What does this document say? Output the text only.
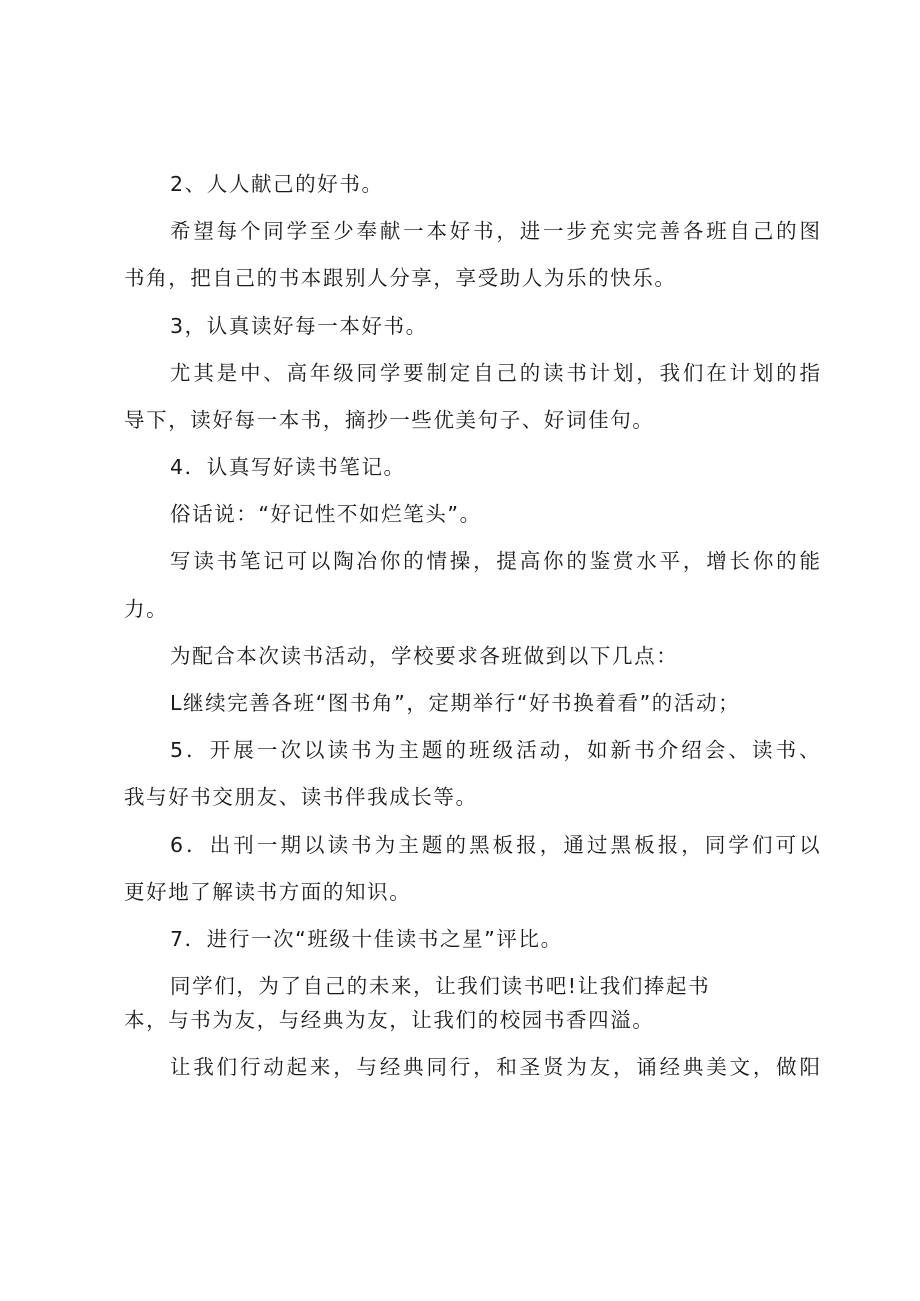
2、人人献己的好书。
希 望 每 个 同 学 至 少 奉 献 一 本 好 书 ， 进 一 步 充 实 完 善 各 班 自 己 的 图
书角，把自己的书本跟别人分享，享受助人为乐的快乐。
3，认真读好每一本好书。
尤 其 是 中 、 高 年 级 同 学 要 制 定 自 己 的 读 书 计 划 ， 我 们 在 计 划 的 指
导下，读好每一本书，摘抄一些优美句子、好词佳句。
4．认真写好读书笔记。
俗话说：“好记性不如烂笔头”。
写 读 书 笔 记 可 以 陶 冶 你 的 情 操 ， 提 高 你 的 鉴 赏 水 平 ， 增 长 你 的 能
力。
为配合本次读书活动，学校要求各班做到以下几点：
L继续完善各班“图书角”，定期举行“好书换着看”的活动；
5 ． 开 展 一 次 以 读 书 为 主 题 的 班 级 活 动 ， 如 新 书 介 绍 会 、 读 书 、
我与好书交朋友、读书伴我成长等。
6 ． 出 刊 一 期 以 读 书 为 主 题 的 黑 板 报 ， 通 过 黑 板 报 ， 同 学 们 可 以
更好地了解读书方面的知识。
7．进行一次“班级十佳读书之星”评比。
同学们，为了自己的未来，让我们读书吧!让我们捧起书
本，与书为友，与经典为友，让我们的校园书香四溢。
让 我 们 行 动 起 来 ， 与 经 典 同 行 ， 和 圣 贤 为 友 ， 诵 经 典 美 文 ， 做 阳
